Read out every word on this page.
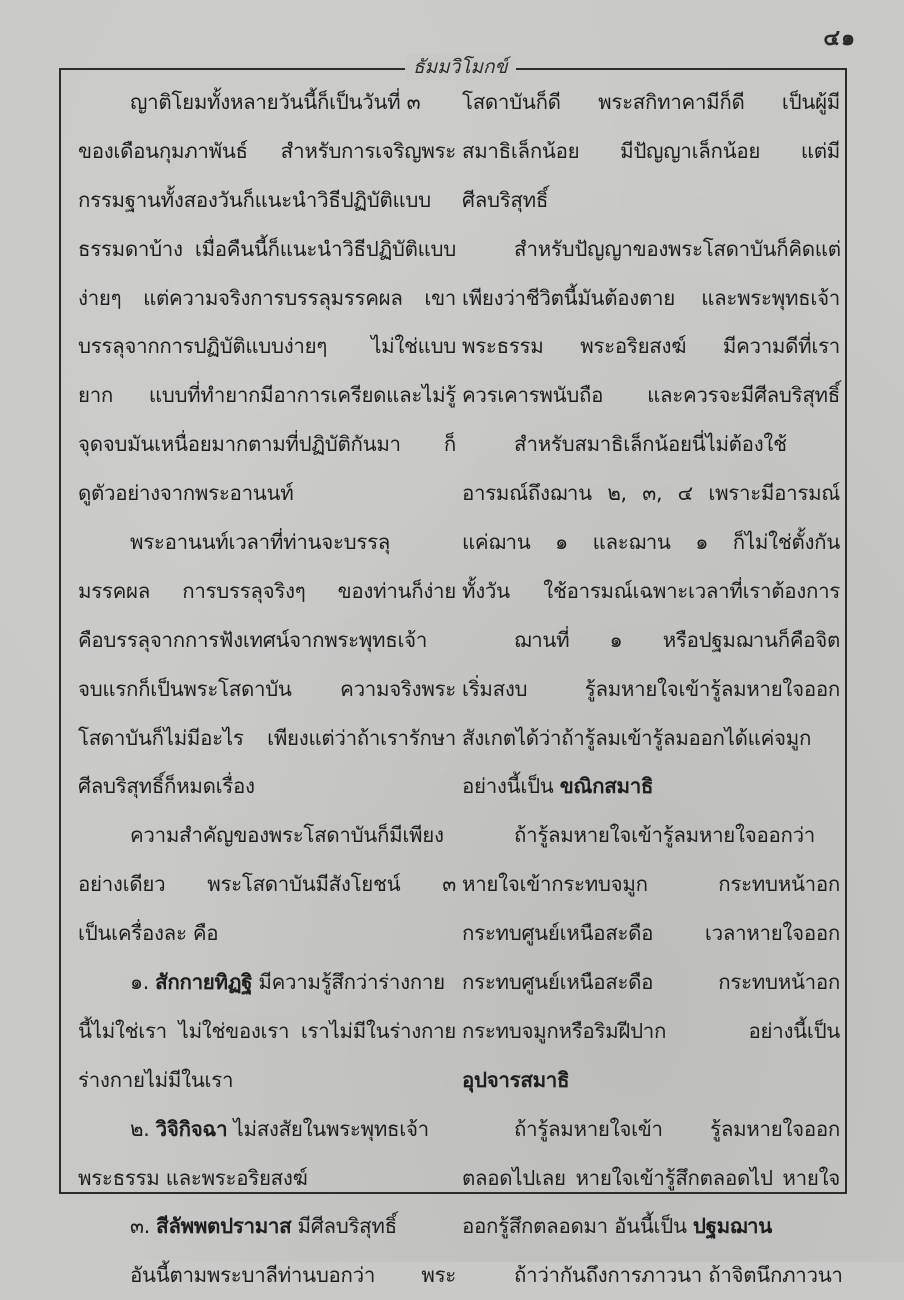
๔๑
ธัมมวิโมกข์
ญาติโยมทั้งหลายวันนี้ก็เป็นวันที่ ๓
ของเดือนกุมภาพันธ์ สำหรับการเจริญพระ
กรรมฐานทั้งสองวันก็แนะนำวิธีปฏิบัติแบบ
ธรรมดาบ้าง เมื่อคืนนี้ก็แนะนำวิธีปฏิบัติแบบ
ง่ายๆ แต่ความจริงการบรรลุมรรคผล เขา
บรรลุจากการปฏิบัติแบบง่ายๆ ไม่ใช่แบบ
ยาก แบบที่ทำยากมีอาการเครียดและไม่รู้
จุดจบมันเหนื่อยมากตามที่ปฏิบัติกันมา ก็
ดูตัวอย่างจากพระอานนท์
พระอานนท์เวลาที่ท่านจะบรรลุ
มรรคผล การบรรลุจริงๆ ของท่านก็ง่าย
คือบรรลุจากการฟังเทศน์จากพระพุทธเจ้า
จบแรกก็เป็นพระโสดาบัน ความจริงพระ
โสดาบันก็ไม่มีอะไร เพียงแต่ว่าถ้าเรารักษา
ศีลบริสุทธิ์ก็หมดเรื่อง
ความสำคัญของพระโสดาบันก็มีเพียง
อย่างเดียว พระโสดาบันมีสังโยชน์ ๓
เป็นเครื่องละ คือ
๑. สักกายทิฏฐิ มีความรู้สึกว่าร่างกาย
นี้ไม่ใช่เรา ไม่ใช่ของเรา เราไม่มีในร่างกาย
ร่างกายไม่มีในเรา
๒. วิจิกิจฉา ไม่สงสัยในพระพุทธเจ้า
พระธรรม และพระอริยสงฆ์
๓. สีลัพพตปรามาส มีศีลบริสุทธิ์
อันนี้ตามพระบาลีท่านบอกว่า พระ
โสดาบันก็ดี พระสกิทาคามีก็ดี เป็นผู้มี
สมาธิเล็กน้อย มีปัญญาเล็กน้อย แต่มี
ศีลบริสุทธิ์
สำหรับปัญญาของพระโสดาบันก็คิดแต่
เพียงว่าชีวิตนี้มันต้องตาย และพระพุทธเจ้า
พระธรรม พระอริยสงฆ์ มีความดีที่เรา
ควรเคารพนับถือ และควรจะมีศีลบริสุทธิ์
สำหรับสมาธิเล็กน้อยนี่ไม่ต้องใช้
อารมณ์ถึงฌาน ๒, ๓, ๔ เพราะมีอารมณ์
แค่ฌาน ๑ และฌาน ๑ ก็ไม่ใช่ตั้งกัน
ทั้งวัน ใช้อารมณ์เฉพาะเวลาที่เราต้องการ
ฌานที่ ๑ หรือปฐมฌานก็คือจิต
เริ่มสงบ รู้ลมหายใจเข้ารู้ลมหายใจออก
สังเกตได้ว่าถ้ารู้ลมเข้ารู้ลมออกได้แค่จมูก
อย่างนี้เป็น ขณิกสมาธิ
ถ้ารู้ลมหายใจเข้ารู้ลมหายใจออกว่า
หายใจเข้ากระทบจมูก กระทบหน้าอก
กระทบศูนย์เหนือสะดือ เวลาหายใจออก
กระทบศูนย์เหนือสะดือ กระทบหน้าอก
กระทบจมูกหรือริมฝีปาก อย่างนี้เป็น
อุปจารสมาธิ
ถ้ารู้ลมหายใจเข้า รู้ลมหายใจออก
ตลอดไปเลย หายใจเข้ารู้สึกตลอดไป หายใจ
ออกรู้สึกตลอดมา อันนี้เป็น ปฐมฌาน
ถ้าว่ากันถึงการภาวนา ถ้าจิตนึกภาวนา
